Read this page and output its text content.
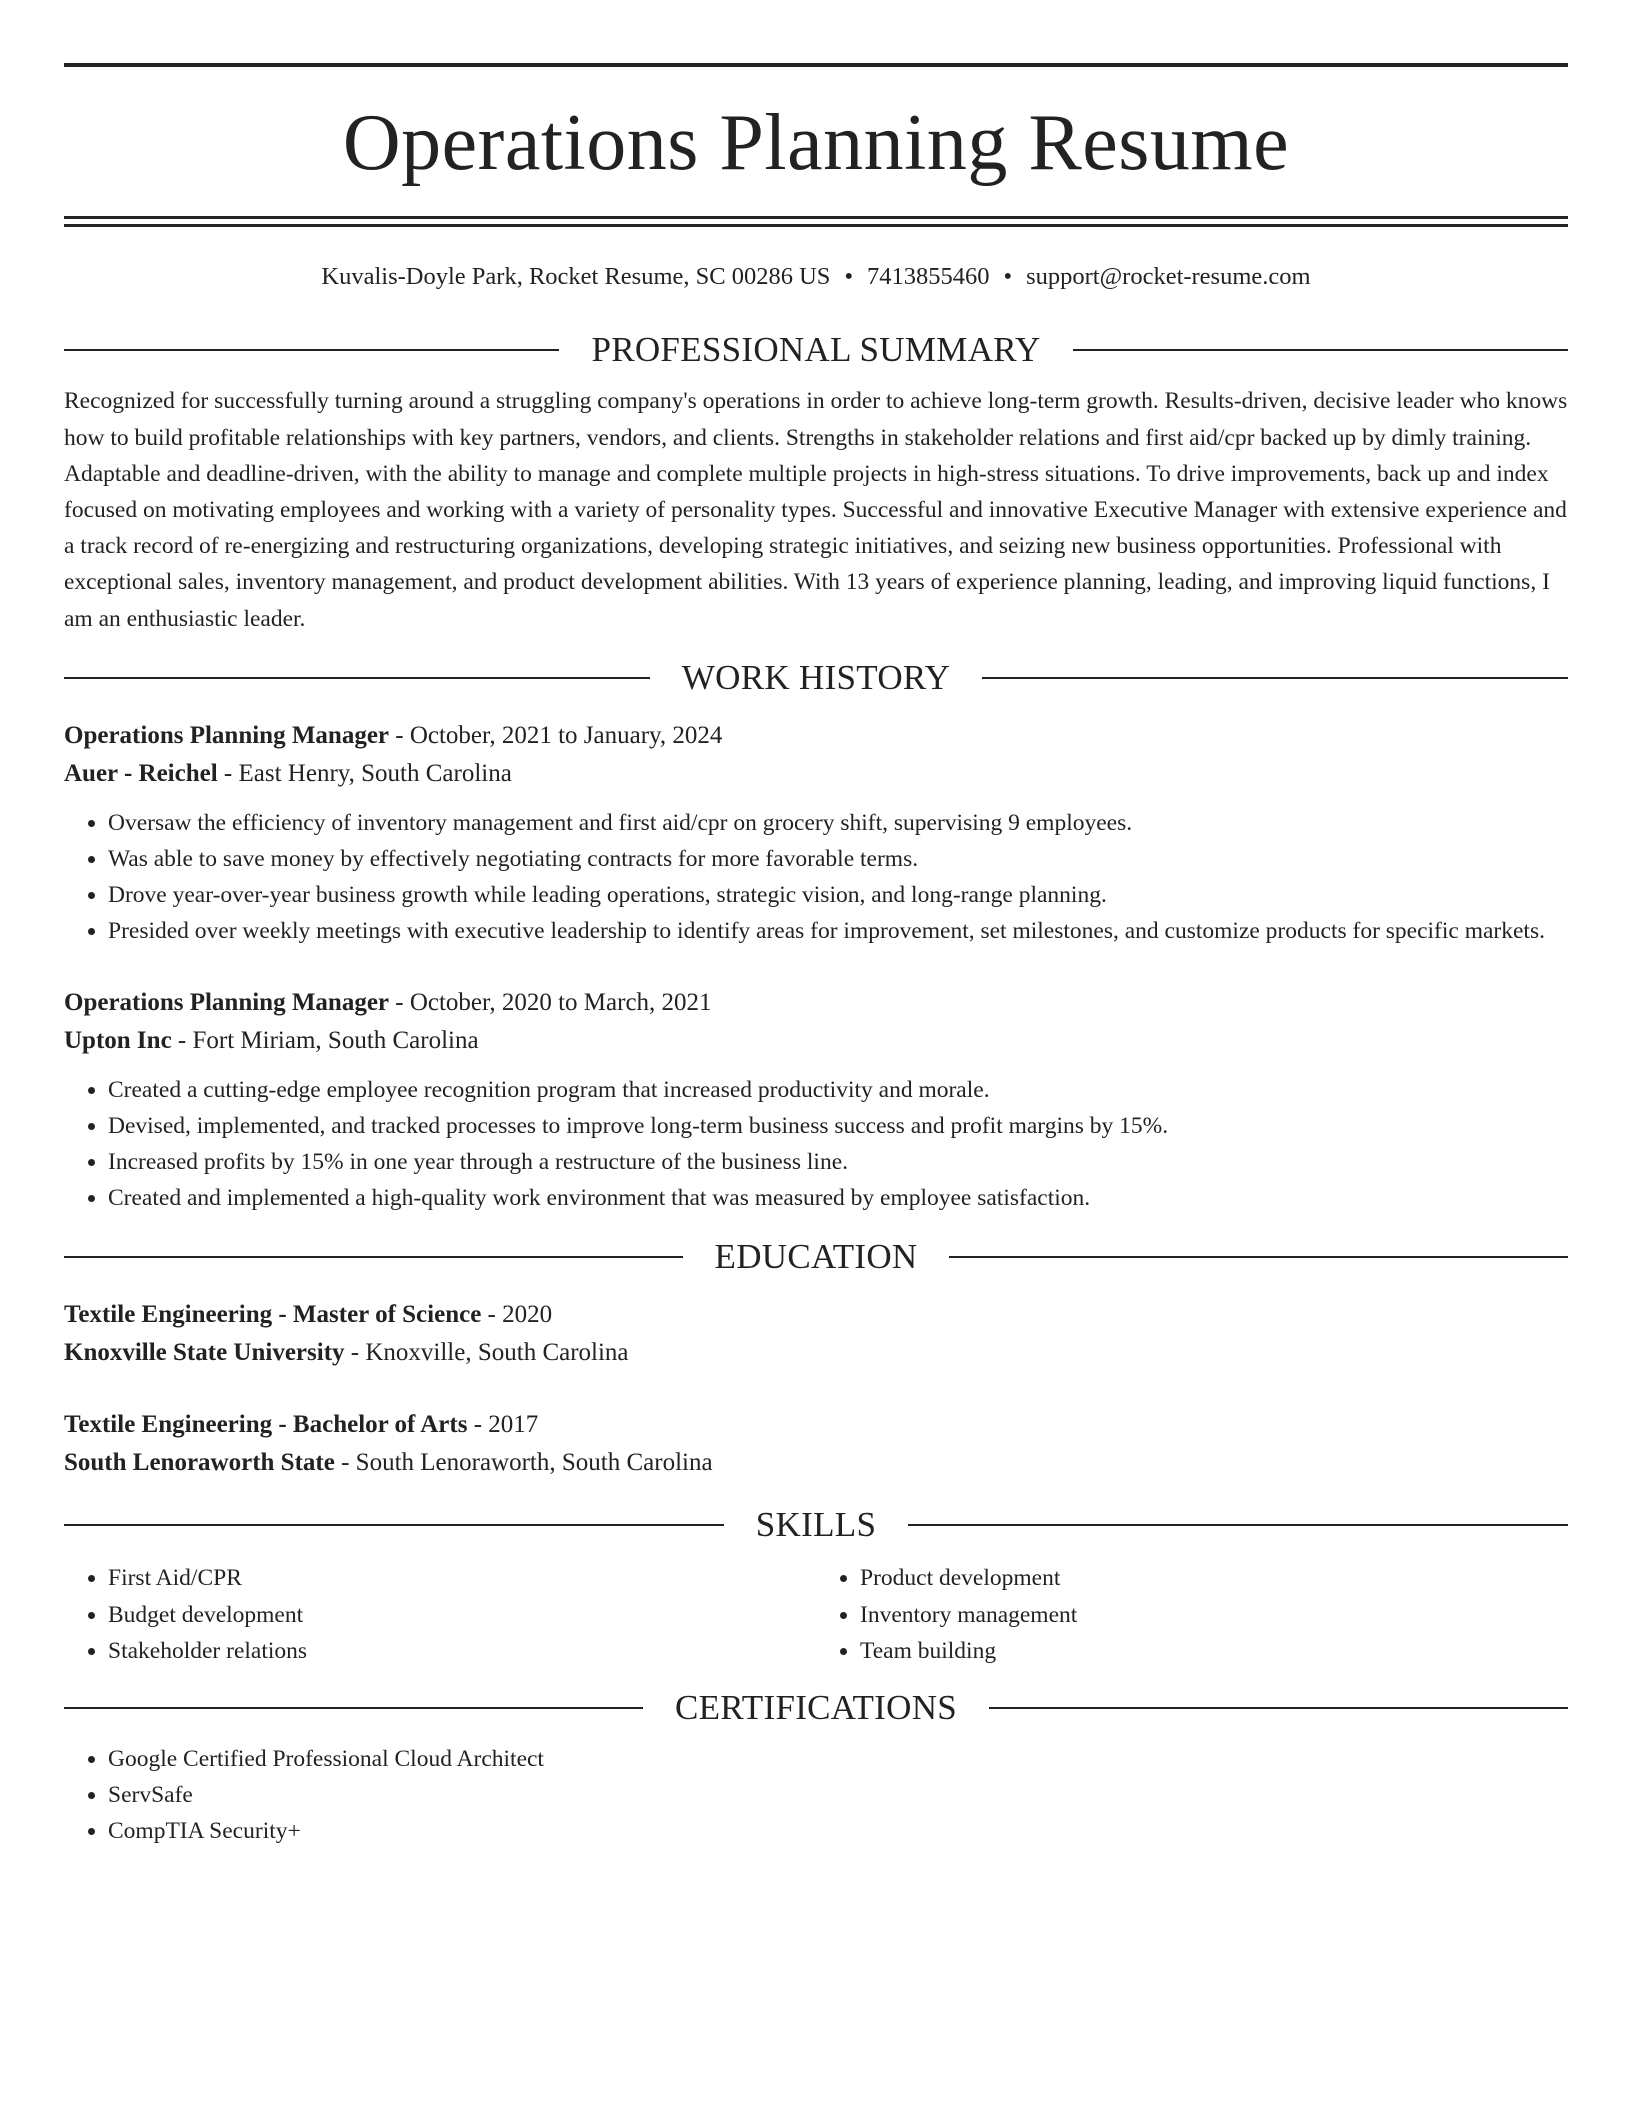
Operations Planning Resume
Kuvalis-Doyle Park, Rocket Resume, SC 00286 US • 7413855460 • support@rocket-resume.com
PROFESSIONAL SUMMARY

Recognized for successfully turning around a struggling company's operations in order to achieve long-term growth. Results-driven, decisive leader who knows how to build profitable relationships with key partners, vendors, and clients. Strengths in stakeholder relations and first aid/cpr backed up by dimly training. Adaptable and deadline-driven, with the ability to manage and complete multiple projects in high-stress situations. To drive improvements, back up and index focused on motivating employees and working with a variety of personality types. Successful and innovative Executive Manager with extensive experience and a track record of re-energizing and restructuring organizations, developing strategic initiatives, and seizing new business opportunities. Professional with exceptional sales, inventory management, and product development abilities. With 13 years of experience planning, leading, and improving liquid functions, I am an enthusiastic leader.

WORK HISTORY
Operations Planning Manager - October, 2021 to January, 2024
Auer - Reichel - East Henry, South Carolina
• Oversaw the efficiency of inventory management and first aid/cpr on grocery shift, supervising 9 employees.
• Was able to save money by effectively negotiating contracts for more favorable terms.
• Drove year-over-year business growth while leading operations, strategic vision, and long-range planning.
• Presided over weekly meetings with executive leadership to identify areas for improvement, set milestones, and customize products for specific markets.
Operations Planning Manager - October, 2020 to March, 2021
Upton Inc - Fort Miriam, South Carolina
• Created a cutting-edge employee recognition program that increased productivity and morale.
• Devised, implemented, and tracked processes to improve long-term business success and profit margins by 15%.
• Increased profits by 15% in one year through a restructure of the business line.
• Created and implemented a high-quality work environment that was measured by employee satisfaction.
EDUCATION
Textile Engineering - Master of Science - 2020
Knoxville State University - Knoxville, South Carolina
Textile Engineering - Bachelor of Arts - 2017
South Lenoraworth State - South Lenoraworth, South Carolina
SKILLS
• First Aid/CPR
• Budget development
• Stakeholder relations
• Product development
• Inventory management
• Team building
CERTIFICATIONS
• Google Certified Professional Cloud Architect
• ServSafe
• CompTIA Security+
